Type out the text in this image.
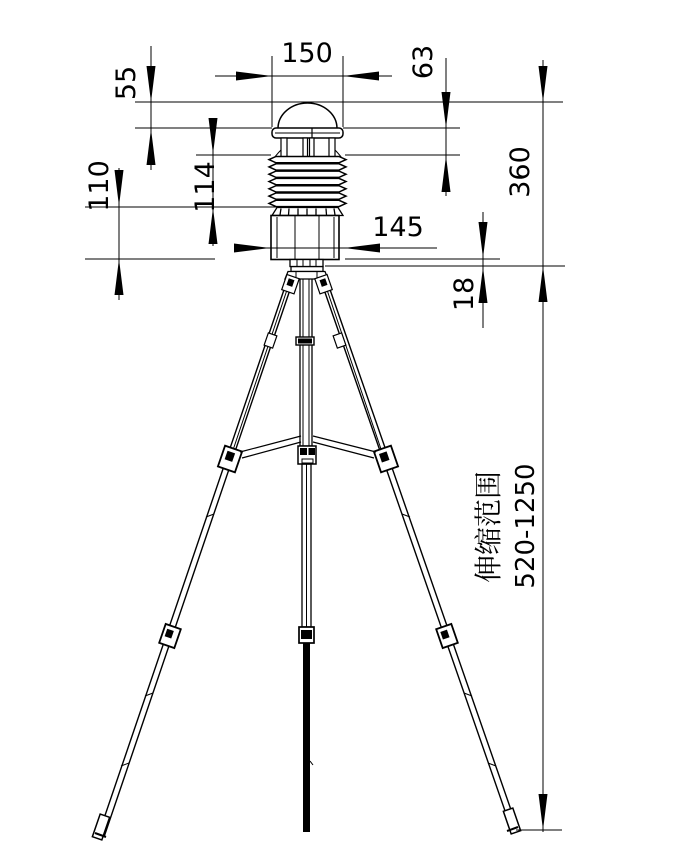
150
55
63
114
110
145
18
360
伸缩范围 520-1250
